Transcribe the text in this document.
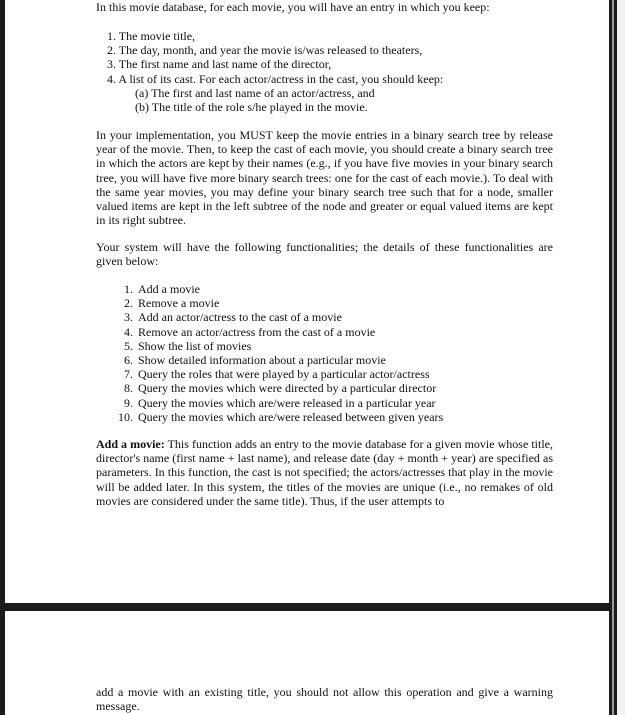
In this movie database, for each movie, you will have an entry in which you keep:
1. The movie title,
2. The day, month, and year the movie is/was released to theaters,
3. The first name and last name of the director,
4. A list of its cast. For each actor/actress in the cast, you should keep:
(a) The first and last name of an actor/actress, and
(b) The title of the role s/he played in the movie.
In your implementation, you MUST keep the movie entries in a binary search tree by release year of the movie. Then, to keep the cast of each movie, you should create a binary search tree in which the actors are kept by their names (e.g., if you have five movies in your binary search tree, you will have five more binary search trees: one for the cast of each movie.). To deal with the same year movies, you may define your binary search tree such that for a node, smaller valued items are kept in the left subtree of the node and greater or equal valued items are kept in its right subtree.
Your system will have the following functionalities; the details of these functionalities are given below:
1. Add a movie
2. Remove a movie
3. Add an actor/actress to the cast of a movie
4. Remove an actor/actress from the cast of a movie
5. Show the list of movies
6. Show detailed information about a particular movie
7. Query the roles that were played by a particular actor/actress
8. Query the movies which were directed by a particular director
9. Query the movies which are/were released in a particular year
10. Query the movies which are/were released between given years
Add a movie: This function adds an entry to the movie database for a given movie whose title, director's name (first name + last name), and release date (day + month + year) are specified as parameters. In this function, the cast is not specified; the actors/actresses that play in the movie will be added later. In this system, the titles of the movies are unique (i.e., no remakes of old movies are considered under the same title). Thus, if the user attempts to
add a movie with an existing title, you should not allow this operation and give a warning message.
